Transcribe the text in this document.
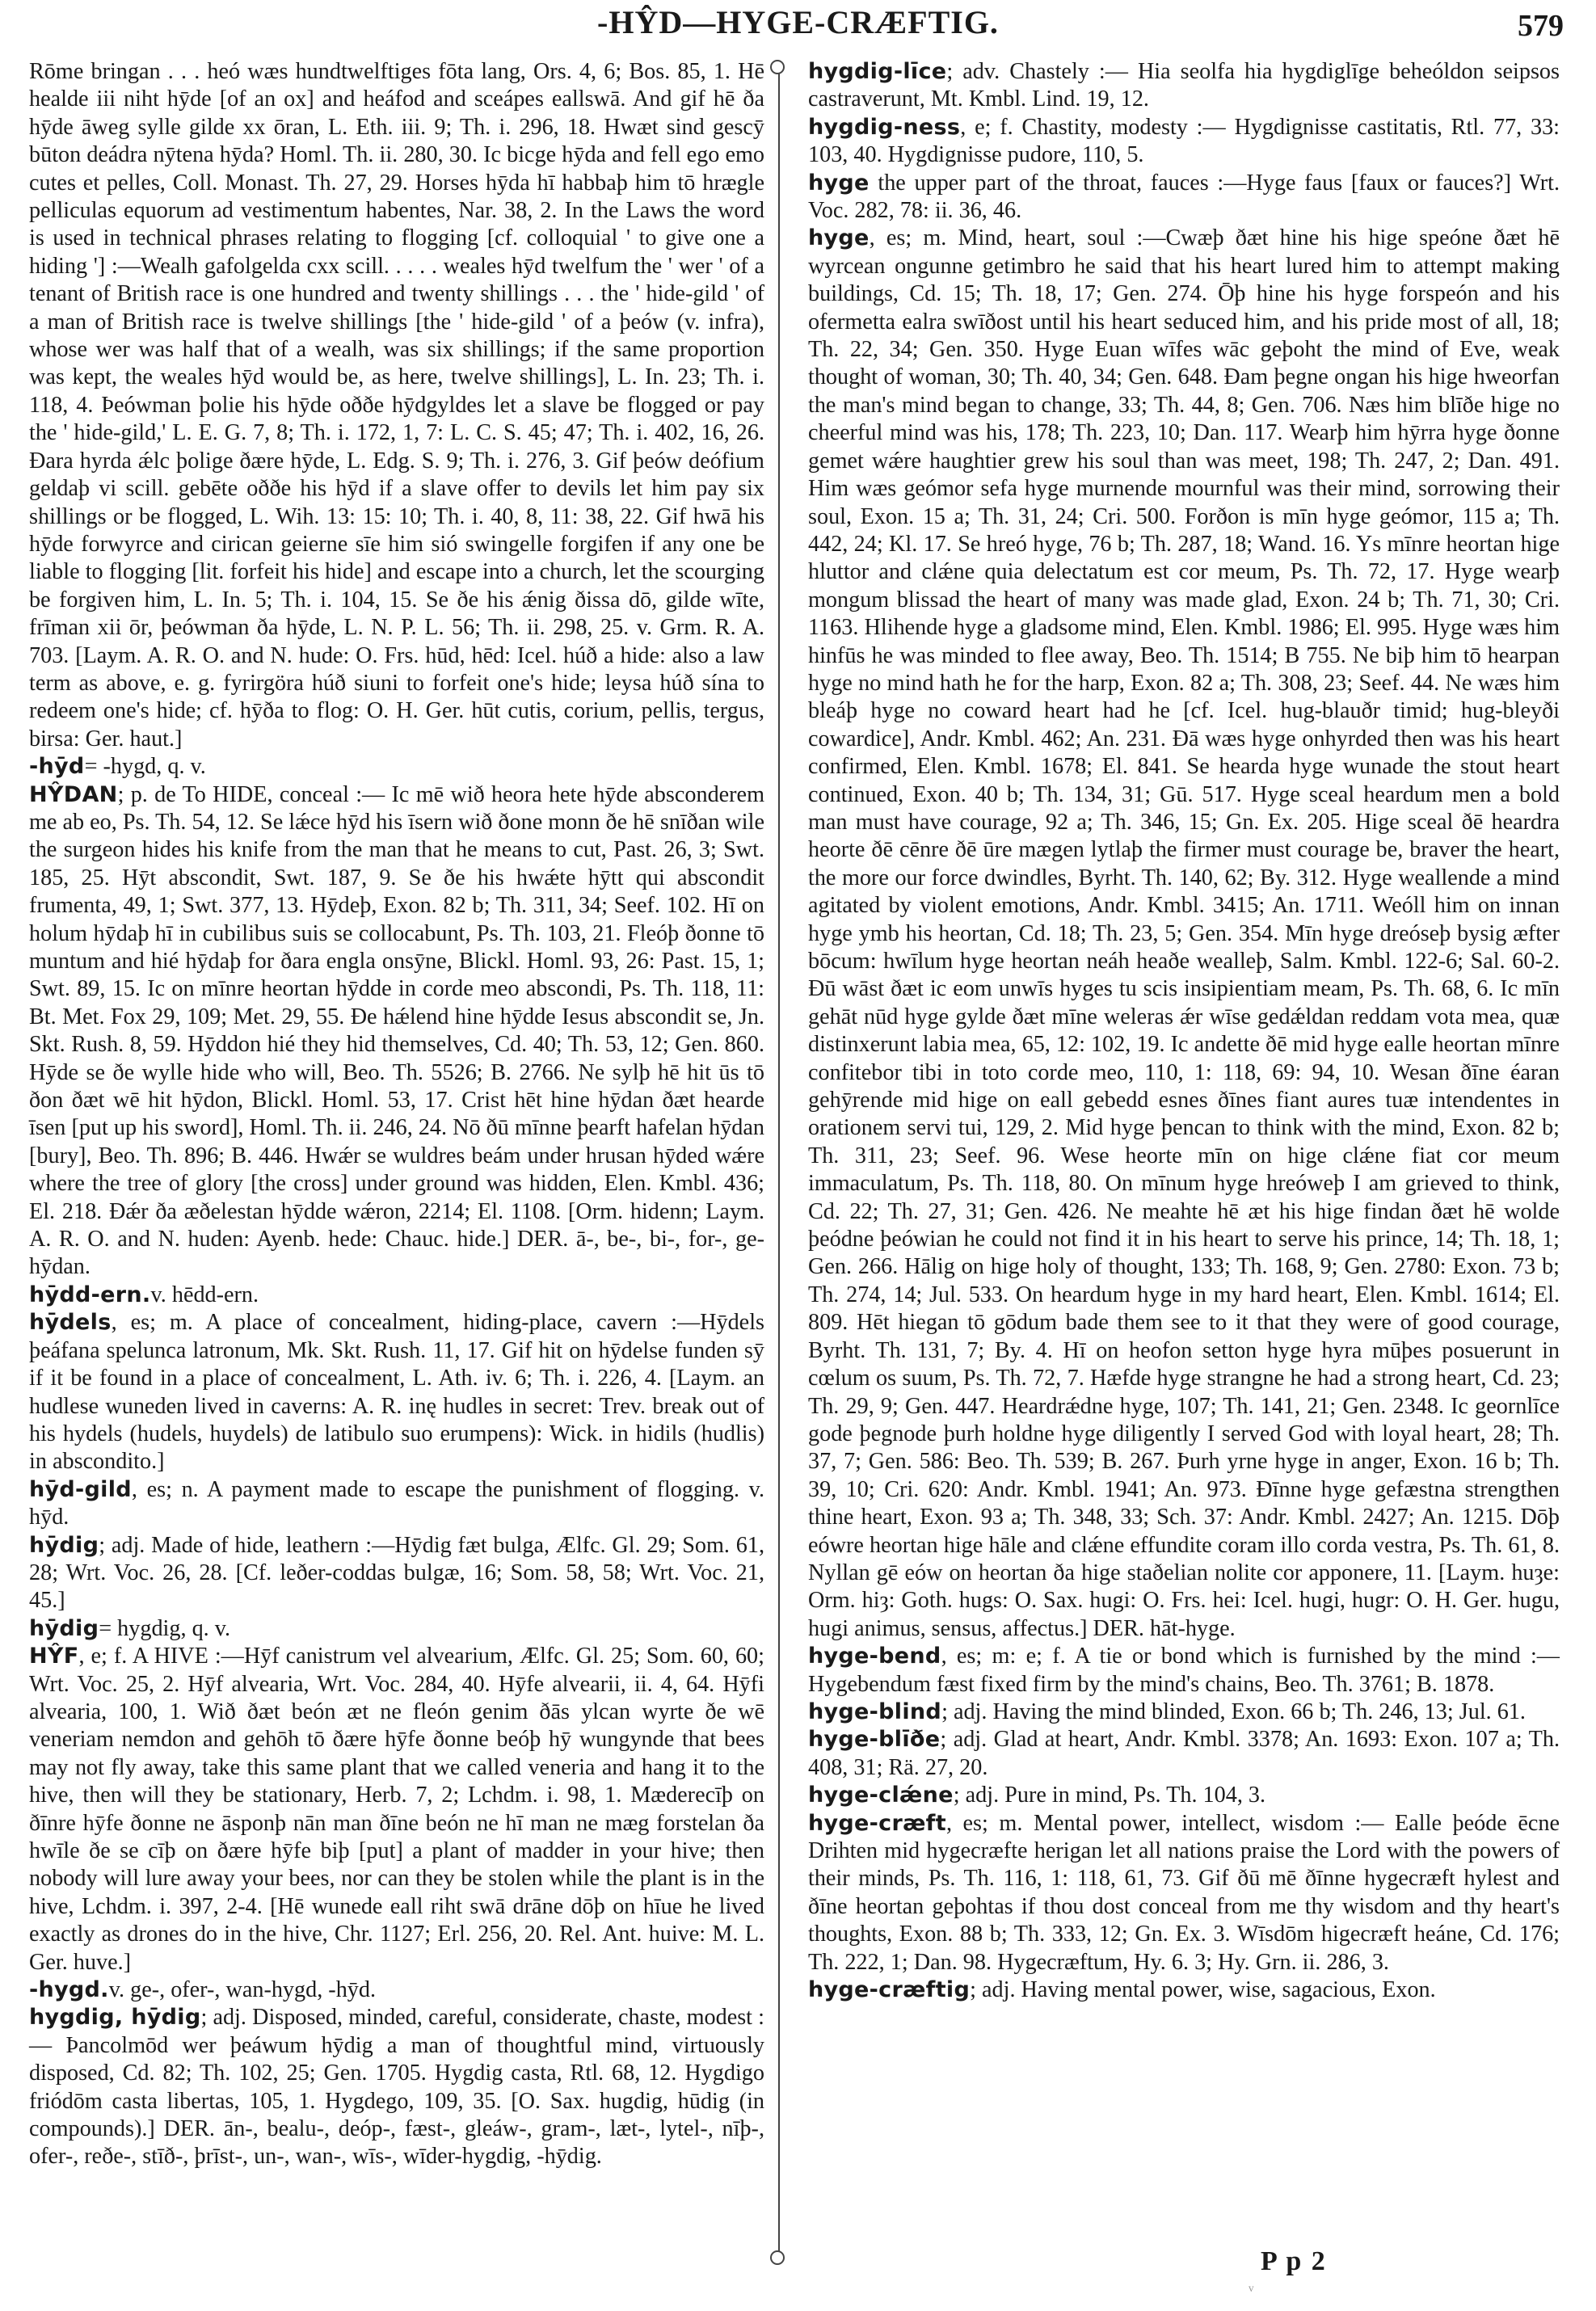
-HŶD—HYGE-CRÆFTIG.	579

Rōme bringan . . . heó wæs hundtwelftiges fōta lang, Ors. 4, 6; Bos. 85, 1. Hē healde iii niht hȳde [of an ox] and heáfod and sceápes eallswā. And gif hē ða hȳde āweg sylle gilde xx ōran, L. Eth. iii. 9; Th. i. 296, 18. Hwæt sind gescȳ būton deádra nȳtena hȳda? Homl. Th. ii. 280, 30. Ic bicge hȳda and fell ego emo cutes et pelles, Coll. Monast. Th. 27, 29. Horses hȳda hī habbaþ him tō hrægle pelliculas equorum ad vestimentum habentes, Nar. 38, 2. In the Laws the word is used in technical phrases relating to flogging [cf. colloquial ' to give one a hiding '] :—Wealh gafolgelda cxx scill. . . . . weales hȳd twelfum the ' wer ' of a tenant of British race is one hundred and twenty shillings . . . the ' hide-gild ' of a man of British race is twelve shillings [the ' hide-gild ' of a þeów (v. infra), whose wer was half that of a wealh, was six shillings; if the same proportion was kept, the weales hȳd would be, as here, twelve shillings], L. In. 23; Th. i. 118, 4. Þeówman þolie his hȳde oððe hȳdgyldes let a slave be flogged or pay the ' hide-gild,' L. E. G. 7, 8; Th. i. 172, 1, 7: L. C. S. 45; 47; Th. i. 402, 16, 26. Ðara hyrda ǽlc þolige ðære hȳde, L. Edg. S. 9; Th. i. 276, 3. Gif þeów deófium geldaþ vi scill. gebēte oððe his hȳd if a slave offer to devils let him pay six shillings or be flogged, L. Wih. 13: 15: 10; Th. i. 40, 8, 11: 38, 22. Gif hwā his hȳde forwyrce and cirican geierne sīe him sió swingelle forgifen if any one be liable to flogging [lit. forfeit his hide] and escape into a church, let the scourging be forgiven him, L. In. 5; Th. i. 104, 15. Se ðe his ǽnig ðissa dō, gilde wīte, frīman xii ōr, þeówman ða hȳde, L. N. P. L. 56; Th. ii. 298, 25. v. Grm. R. A. 703. [Laym. A. R. O. and N. hude: O. Frs. hūd, hēd: Icel. húð a hide: also a law term as above, e. g. fyrirgöra húð siuni to forfeit one's hide; leysa húð sína to redeem one's hide; cf. hȳða to flog: O. H. Ger. hūt cutis, corium, pellis, tergus, birsa: Ger. haut.]

-hȳd= -hygd, q. v.

HŶDAN; p. de To HIDE, conceal :— Ic mē wið heora hete hȳde absconderem me ab eo, Ps. Th. 54, 12. Se lǽce hȳd his īsern wið ðone monn ðe hē snīðan wile the surgeon hides his knife from the man that he means to cut, Past. 26, 3; Swt. 185, 25. Hȳt abscondit, Swt. 187, 9. Se ðe his hwǽte hȳtt qui abscondit frumenta, 49, 1; Swt. 377, 13. Hȳdeþ, Exon. 82 b; Th. 311, 34; Seef. 102. Hī on holum hȳdaþ hī in cubilibus suis se collocabunt, Ps. Th. 103, 21. Fleóþ ðonne tō muntum and hié hȳdaþ for ðara engla onsȳne, Blickl. Homl. 93, 26: Past. 15, 1; Swt. 89, 15. Ic on mīnre heortan hȳdde in corde meo abscondi, Ps. Th. 118, 11: Bt. Met. Fox 29, 109; Met. 29, 55. Ðe hǽlend hine hȳdde Iesus abscondit se, Jn. Skt. Rush. 8, 59. Hȳddon hié they hid themselves, Cd. 40; Th. 53, 12; Gen. 860. Hȳde se ðe wylle hide who will, Beo. Th. 5526; B. 2766. Ne sylþ hē hit ūs tō ðon ðæt wē hit hȳdon, Blickl. Homl. 53, 17. Crist hēt hine hȳdan ðæt hearde īsen [put up his sword], Homl. Th. ii. 246, 24. Nō ðū mīnne þearft hafelan hȳdan [bury], Beo. Th. 896; B. 446. Hwǽr se wuldres beám under hrusan hȳded wǽre where the tree of glory [the cross] under ground was hidden, Elen. Kmbl. 436; El. 218. Ðǽr ða æðelestan hȳdde wǽron, 2214; El. 1108. [Orm. hidenn; Laym. A. R. O. and N. huden: Ayenb. hede: Chauc. hide.] DER. ā-, be-, bi-, for-, ge-hȳdan.

hȳdd-ern.v. hēdd-ern.

hȳdels, es; m. A place of concealment, hiding-place, cavern :—Hȳdels þeáfana spelunca latronum, Mk. Skt. Rush. 11, 17. Gif hit on hȳdelse funden sȳ if it be found in a place of concealment, L. Ath. iv. 6; Th. i. 226, 4. [Laym. an hudlese wuneden lived in caverns: A. R. inę hudles in secret: Trev. break out of his hydels (hudels, huydels) de latibulo suo erumpens): Wick. in hidils (hudlis) in abscondito.]

hȳd-gild, es; n. A payment made to escape the punishment of flogging. v. hȳd.

hȳdig; adj. Made of hide, leathern :—Hȳdig fæt bulga, Ælfc. Gl. 29; Som. 61, 28; Wrt. Voc. 26, 28. [Cf. leðer-coddas bulgæ, 16; Som. 58, 58; Wrt. Voc. 21, 45.]

hȳdig= hygdig, q. v.

HŶF, e; f. A HIVE :—Hȳf canistrum vel alvearium, Ælfc. Gl. 25; Som. 60, 60; Wrt. Voc. 25, 2. Hȳf alvearia, Wrt. Voc. 284, 40. Hȳfe alvearii, ii. 4, 64. Hȳfi alvearia, 100, 1. Wið ðæt beón æt ne fleón genim ðās ylcan wyrte ðe wē veneriam nemdon and gehōh tō ðære hȳfe ðonne beóþ hȳ wungynde that bees may not fly away, take this same plant that we called veneria and hang it to the hive, then will they be stationary, Herb. 7, 2; Lchdm. i. 98, 1. Mæderecīþ on ðīnre hȳfe ðonne ne āsponþ nān man ðīne beón ne hī man ne mæg forstelan ða hwīle ðe se cīþ on ðære hȳfe biþ [put] a plant of madder in your hive; then nobody will lure away your bees, nor can they be stolen while the plant is in the hive, Lchdm. i. 397, 2-4. [Hē wunede eall riht swā drāne dōþ on hīue he lived exactly as drones do in the hive, Chr. 1127; Erl. 256, 20. Rel. Ant. huive: M. L. Ger. huve.]

-hygd.v. ge-, ofer-, wan-hygd, -hȳd.

hygdig, hȳdig; adj. Disposed, minded, careful, considerate, chaste, modest :— Þancolmōd wer þeáwum hȳdig a man of thoughtful mind, virtuously disposed, Cd. 82; Th. 102, 25; Gen. 1705. Hygdig casta, Rtl. 68, 12. Hygdigo friódōm casta libertas, 105, 1. Hygdego, 109, 35. [O. Sax. hugdig, hūdig (in compounds).] DER. ān-, bealu-, deóp-, fæst-, gleáw-, gram-, læt-, lytel-, nīþ-, ofer-, reðe-, stīð-, þrīst-, un-, wan-, wīs-, wīder-hygdig, -hȳdig.

hygdig-līce; adv. Chastely :— Hia seolfa hia hygdiglīge beheóldon seipsos castraverunt, Mt. Kmbl. Lind. 19, 12.

hygdig-ness, e; f. Chastity, modesty :— Hygdignisse castitatis, Rtl. 77, 33: 103, 40. Hygdignisse pudore, 110, 5.

hyge the upper part of the throat, fauces :—Hyge faus [faux or fauces?] Wrt. Voc. 282, 78: ii. 36, 46.

hyge, es; m. Mind, heart, soul :—Cwæþ ðæt hine his hige speóne ðæt hē wyrcean ongunne getimbro he said that his heart lured him to attempt making buildings, Cd. 15; Th. 18, 17; Gen. 274. Ōþ hine his hyge forspeón and his ofermetta ealra swīðost until his heart seduced him, and his pride most of all, 18; Th. 22, 34; Gen. 350. Hyge Euan wīfes wāc geþoht the mind of Eve, weak thought of woman, 30; Th. 40, 34; Gen. 648. Ðam þegne ongan his hige hweorfan the man's mind began to change, 33; Th. 44, 8; Gen. 706. Næs him blīðe hige no cheerful mind was his, 178; Th. 223, 10; Dan. 117. Wearþ him hȳrra hyge ðonne gemet wǽre haughtier grew his soul than was meet, 198; Th. 247, 2; Dan. 491. Him wæs geómor sefa hyge murnende mournful was their mind, sorrowing their soul, Exon. 15 a; Th. 31, 24; Cri. 500. Forðon is mīn hyge geómor, 115 a; Th. 442, 24; Kl. 17. Se hreó hyge, 76 b; Th. 287, 18; Wand. 16. Ys mīnre heortan hige hluttor and clǽne quia delectatum est cor meum, Ps. Th. 72, 17. Hyge wearþ mongum blissad the heart of many was made glad, Exon. 24 b; Th. 71, 30; Cri. 1163. Hlihende hyge a gladsome mind, Elen. Kmbl. 1986; El. 995. Hyge wæs him hinfūs he was minded to flee away, Beo. Th. 1514; B 755. Ne biþ him tō hearpan hyge no mind hath he for the harp, Exon. 82 a; Th. 308, 23; Seef. 44. Ne wæs him bleáþ hyge no coward heart had he [cf. Icel. hug-blauðr timid; hug-bleyði cowardice], Andr. Kmbl. 462; An. 231. Ðā wæs hyge onhyrded then was his heart confirmed, Elen. Kmbl. 1678; El. 841. Se hearda hyge wunade the stout heart continued, Exon. 40 b; Th. 134, 31; Gū. 517. Hyge sceal heardum men a bold man must have courage, 92 a; Th. 346, 15; Gn. Ex. 205. Hige sceal ðē heardra heorte ðē cēnre ðē ūre mægen lytlaþ the firmer must courage be, braver the heart, the more our force dwindles, Byrht. Th. 140, 62; By. 312. Hyge weallende a mind agitated by violent emotions, Andr. Kmbl. 3415; An. 1711. Weóll him on innan hyge ymb his heortan, Cd. 18; Th. 23, 5; Gen. 354. Mīn hyge dreóseþ bysig æfter bōcum: hwīlum hyge heortan neáh heaðe weallеþ, Salm. Kmbl. 122-6; Sal. 60-2. Ðū wāst ðæt ic eom unwīs hyges tu scis insipientiam meam, Ps. Th. 68, 6. Ic mīn gehāt nūd hyge gylde ðæt mīne weleras ǽr wīse gedǽldan reddam vota mea, quæ distinxerunt labia mea, 65, 12: 102, 19. Ic andette ðē mid hyge ealle heortan mīnre confitebor tibi in toto corde meo, 110, 1: 118, 69: 94, 10. Wesan ðīne éaran gehȳrende mid hige on eall gebedd esnes ðīnes fiant aures tuæ intendentes in orationem servi tui, 129, 2. Mid hyge þencan to think with the mind, Exon. 82 b; Th. 311, 23; Seef. 96. Wese heorte mīn on hige clǽne fiat cor meum immaculatum, Ps. Th. 118, 80. On mīnum hyge hreóweþ I am grieved to think, Cd. 22; Th. 27, 31; Gen. 426. Ne meahte hē æt his hige findan ðæt hē wolde þeódne þeówian he could not find it in his heart to serve his prince, 14; Th. 18, 1; Gen. 266. Hālig on hige holy of thought, 133; Th. 168, 9; Gen. 2780: Exon. 73 b; Th. 274, 14; Jul. 533. On heardum hyge in my hard heart, Elen. Kmbl. 1614; El. 809. Hēt hiegan tō gōdum bade them see to it that they were of good courage, Byrht. Th. 131, 7; By. 4. Hī on heofon setton hyge hyra mūþes posuerunt in cœlum os suum, Ps. Th. 72, 7. Hæfde hyge strangne he had a strong heart, Cd. 23; Th. 29, 9; Gen. 447. Heardrǽdne hyge, 107; Th. 141, 21; Gen. 2348. Ic geornlīce gode þegnode þurh holdne hyge diligently I served God with loyal heart, 28; Th. 37, 7; Gen. 586: Beo. Th. 539; B. 267. Þurh yrne hyge in anger, Exon. 16 b; Th. 39, 10; Cri. 620: Andr. Kmbl. 1941; An. 973. Ðīnne hyge gefæstna strengthen thine heart, Exon. 93 a; Th. 348, 33; Sch. 37: Andr. Kmbl. 2427; An. 1215. Dōþ eówre heortan hige hāle and clǽne effundite coram illo corda vestra, Ps. Th. 61, 8. Nyllan gē eów on heortan ða hige staðelian nolite cor apponere, 11. [Laym. huȝe: Orm. hiȝ: Goth. hugs: O. Sax. hugi: O. Frs. hei: Icel. hugi, hugr: O. H. Ger. hugu, hugi animus, sensus, affectus.] DER. hāt-hyge.

hyge-bend, es; m: e; f. A tie or bond which is furnished by the mind :— Hygebendum fæst fixed firm by the mind's chains, Beo. Th. 3761; B. 1878.

hyge-blind; adj. Having the mind blinded, Exon. 66 b; Th. 246, 13; Jul. 61.

hyge-blīðe; adj. Glad at heart, Andr. Kmbl. 3378; An. 1693: Exon. 107 a; Th. 408, 31; Rä. 27, 20.

hyge-clǽne; adj. Pure in mind, Ps. Th. 104, 3.

hyge-cræft, es; m. Mental power, intellect, wisdom :— Ealle þeóde ēcne Drihten mid hygecræfte herigan let all nations praise the Lord with the powers of their minds, Ps. Th. 116, 1: 118, 61, 73. Gif ðū mē ðīnne hygecræft hylest and ðīne heortan geþohtas if thou dost conceal from me thy wisdom and thy heart's thoughts, Exon. 88 b; Th. 333, 12; Gn. Ex. 3. Wīsdōm higecræft heáne, Cd. 176; Th. 222, 1; Dan. 98. Hygecræftum, Hy. 6. 3; Hy. Grn. ii. 286, 3.

hyge-cræftig; adj. Having mental power, wise, sagacious, Exon.

P p 2
ᵛ
